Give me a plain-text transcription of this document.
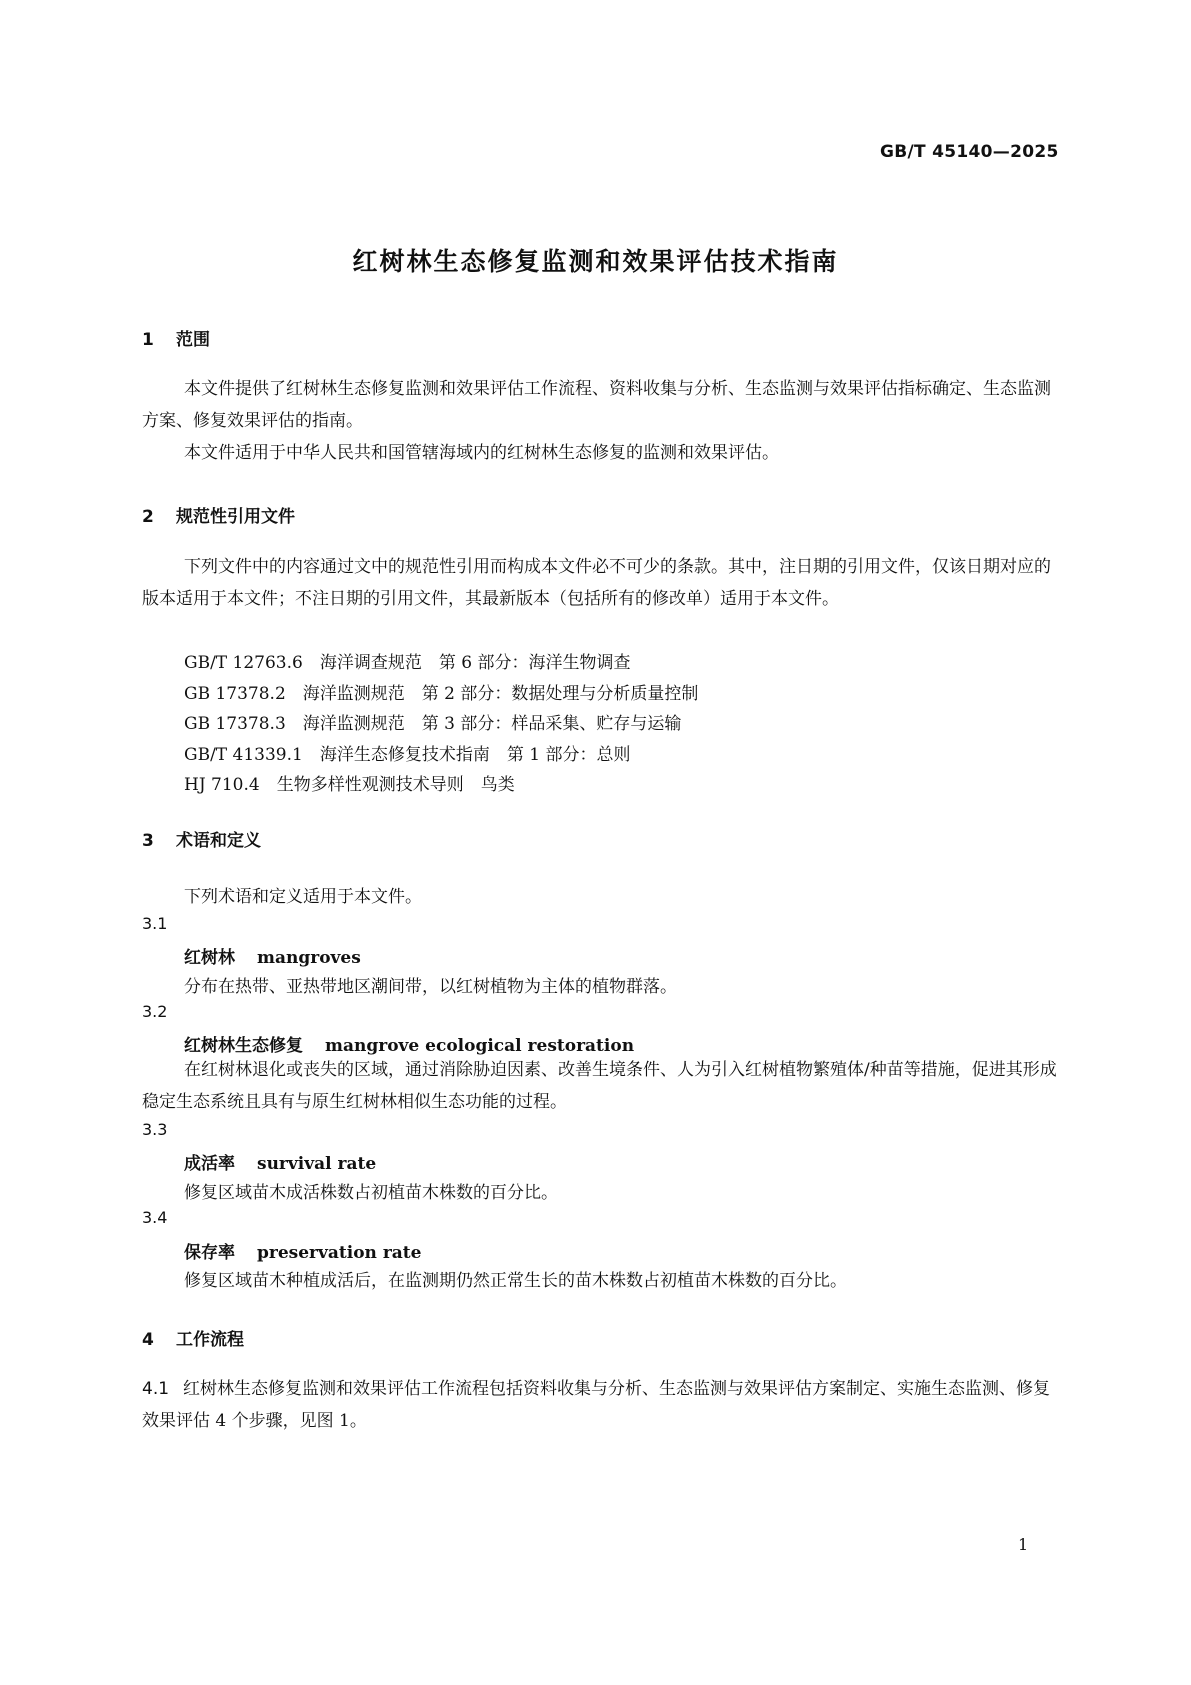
GB/T 45140—2025
红树林生态修复监测和效果评估技术指南
1 范围
本文件提供了红树林生态修复监测和效果评估工作流程、资料收集与分析、生态监测与效果评估指标确定、生态监测方案、修复效果评估的指南。
本文件适用于中华人民共和国管辖海域内的红树林生态修复的监测和效果评估。
2 规范性引用文件
下列文件中的内容通过文中的规范性引用而构成本文件必不可少的条款。其中，注日期的引用文件，仅该日期对应的版本适用于本文件；不注日期的引用文件，其最新版本（包括所有的修改单）适用于本文件。
GB/T 12763.6　海洋调查规范　第 6 部分：海洋生物调查
GB 17378.2　海洋监测规范　第 2 部分：数据处理与分析质量控制
GB 17378.3　海洋监测规范　第 3 部分：样品采集、贮存与运输
GB/T 41339.1　海洋生态修复技术指南　第 1 部分：总则
HJ 710.4　生物多样性观测技术导则　鸟类
3 术语和定义
下列术语和定义适用于本文件。
3.1
红树林 mangroves
分布在热带、亚热带地区潮间带，以红树植物为主体的植物群落。
3.2
红树林生态修复 mangrove ecological restoration
在红树林退化或丧失的区域，通过消除胁迫因素、改善生境条件、人为引入红树植物繁殖体/种苗等措施，促进其形成稳定生态系统且具有与原生红树林相似生态功能的过程。
3.3
成活率 survival rate
修复区域苗木成活株数占初植苗木株数的百分比。
3.4
保存率 preservation rate
修复区域苗木种植成活后，在监测期仍然正常生长的苗木株数占初植苗木株数的百分比。
4 工作流程
4.1 红树林生态修复监测和效果评估工作流程包括资料收集与分析、生态监测与效果评估方案制定、实施生态监测、修复效果评估 4 个步骤，见图 1。
1
